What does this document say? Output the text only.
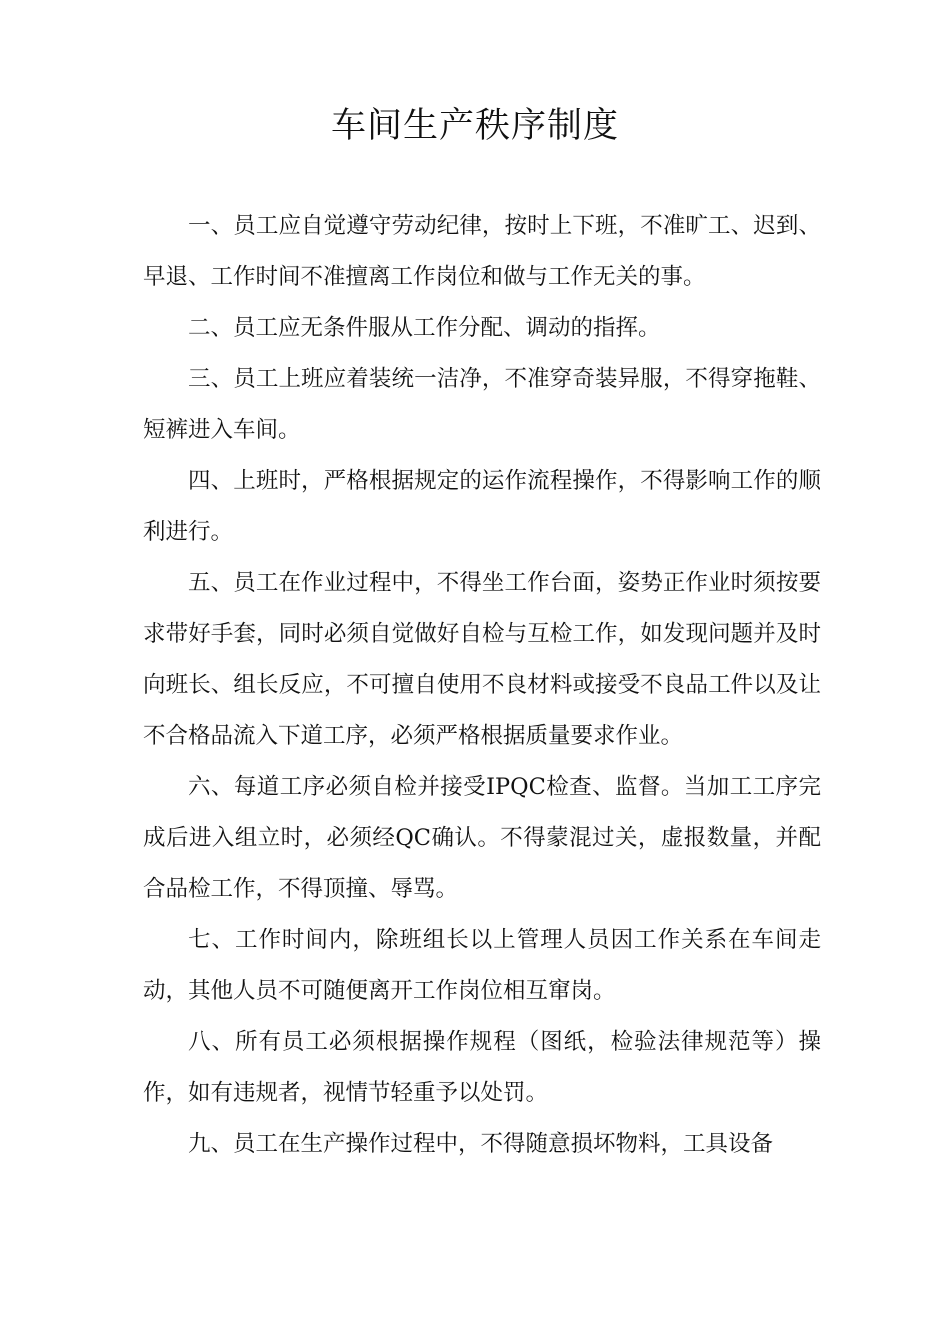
车间生产秩序制度

一、员工应自觉遵守劳动纪律，按时上下班，不准旷工、迟到、早退、工作时间不准擅离工作岗位和做与工作无关的事。

二、员工应无条件服从工作分配、调动的指挥。

三、员工上班应着装统一洁净，不准穿奇装异服，不得穿拖鞋、短裤进入车间。

四、上班时，严格根据规定的运作流程操作，不得影响工作的顺利进行。

五、员工在作业过程中，不得坐工作台面，姿势正作业时须按要求带好手套，同时必须自觉做好自检与互检工作，如发现问题并及时向班长、组长反应，不可擅自使用不良材料或接受不良品工件以及让不合格品流入下道工序，必须严格根据质量要求作业。

六、每道工序必须自检并接受IPQC检查、监督。当加工工序完成后进入组立时，必须经QC确认。不得蒙混过关，虚报数量，并配合品检工作，不得顶撞、辱骂。

七、工作时间内，除班组长以上管理人员因工作关系在车间走动，其他人员不可随便离开工作岗位相互窜岗。

八、所有员工必须根据操作规程（图纸，检验法律规范等）操作，如有违规者，视情节轻重予以处罚。

九、员工在生产操作过程中，不得随意损坏物料，工具设备
